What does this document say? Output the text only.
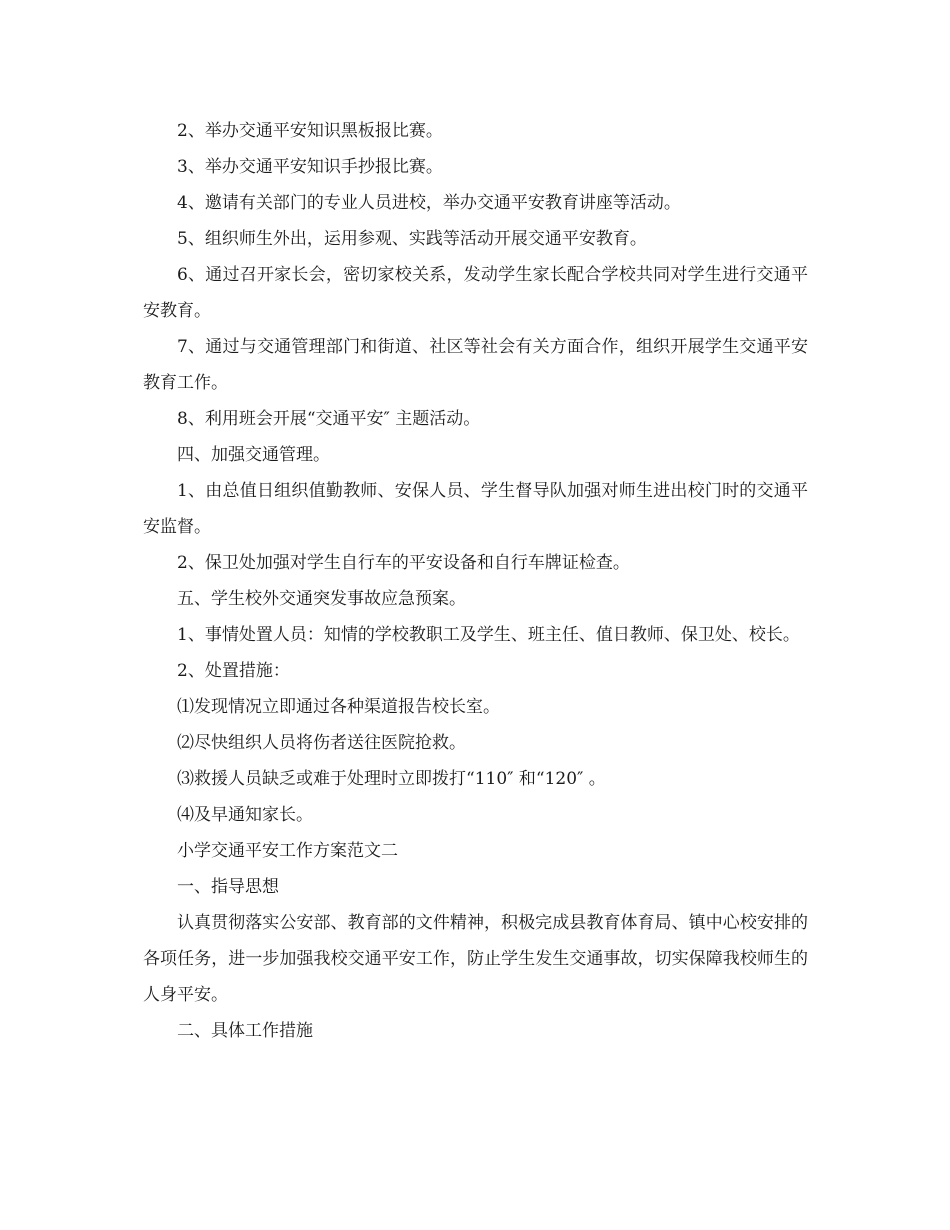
2、举办交通平安知识黑板报比赛。

3、举办交通平安知识手抄报比赛。

4、邀请有关部门的专业人员进校，举办交通平安教育讲座等活动。

5、组织师生外出，运用参观、实践等活动开展交通平安教育。

6、通过召开家长会，密切家校关系，发动学生家长配合学校共同对学生进行交通平安教育。

7、通过与交通管理部门和街道、社区等社会有关方面合作，组织开展学生交通平安教育工作。

8、利用班会开展“交通平安″ 主题活动。

四、加强交通管理。

1、由总值日组织值勤教师、安保人员、学生督导队加强对师生进出校门时的交通平安监督。

2、保卫处加强对学生自行车的平安设备和自行车牌证检查。

五、学生校外交通突发事故应急预案。

1、事情处置人员：知情的学校教职工及学生、班主任、值日教师、保卫处、校长。

2、处置措施：

⑴发现情况立即通过各种渠道报告校长室。

⑵尽快组织人员将伤者送往医院抢救。

⑶救援人员缺乏或难于处理时立即拨打“110″ 和“120″ 。

⑷及早通知家长。

小学交通平安工作方案范文二

一、指导思想

认真贯彻落实公安部、教育部的文件精神，积极完成县教育体育局、镇中心校安排的各项任务，进一步加强我校交通平安工作，防止学生发生交通事故，切实保障我校师生的人身平安。

二、具体工作措施
